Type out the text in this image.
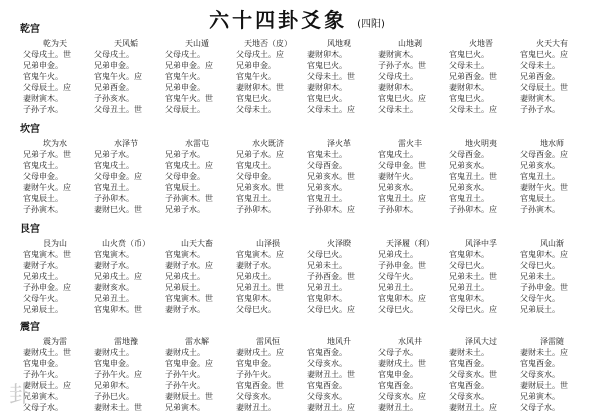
六十四卦爻象 (四阳)
乾宫
乾为天
父母戌土。世
兄弟申金。
官鬼午火。
父母辰土。应
妻财寅木。
子孙子水。
天风姤
父母戌土。
兄弟申金。
官鬼午火。应
兄弟酉金。
子孙亥水。
父母丑土。世
天山遁
父母戌土。
兄弟申金。应
官鬼午火。
兄弟申金。
官鬼午火。世
父母辰土。
天地否（皮）
父母戌土。应
兄弟申金。
官鬼午火。
妻财卯木。世
官鬼巳火。
父母未土。
风地观
妻财卯木。
官鬼巳火。
父母未土。世
妻财卯木。
官鬼巳火。
父母未土。应
山地剥
妻财寅木。
子孙子水。世
父母戌土。
妻财卯木。
官鬼巳火。应
父母未土。
火地晋
官鬼巳火。
父母未土。
兄弟酉金。世
妻财卯木。
官鬼巳火。
父母未土。应
火天大有
官鬼巳火。应
父母未土。
兄弟酉金。
父母辰土。世
妻财寅木。
子孙子水。
坎宫
坎为水
兄弟子水。世
官鬼戌土。
父母申金。
妻财午火。应
官鬼辰土。
子孙寅木。
水泽节
兄弟子水。
官鬼戌土。
父母申金。应
官鬼丑土。
子孙卯木。
妻财巳火。世
水雷屯
兄弟子水。
官鬼戌土。应
父母申金。
官鬼辰土。
子孙寅木。世
兄弟子水。
水火既济
兄弟子水。应
官鬼戌土。
父母申金。
兄弟亥水。世
官鬼丑土。
子孙卯木。
泽火革
官鬼未土。
父母酉金。
兄弟亥水。世
兄弟亥水。
官鬼丑土。
子孙卯木。应
雷火丰
官鬼戌土。
父母申金。世
妻财午火。
兄弟亥水。
官鬼丑土。应
子孙卯木。
地火明夷
父母酉金。
兄弟亥水。
官鬼丑土。世
兄弟亥水。
官鬼丑土。
子孙卯木。应
地水师
父母酉金。应
兄弟亥水。
官鬼丑土。
妻财午火。世
官鬼辰土。
子孙寅木。
艮宫
艮为山
官鬼寅木。世
妻财子水。
兄弟戌土。
子孙申金。应
父母午火。
兄弟辰土。
山火贲（币）
官鬼寅木。
妻财子水。
兄弟戌土。应
妻财亥水。
兄弟丑土。
官鬼卯木。世
山天大畜
官鬼寅木。
妻财子水。应
兄弟戌土。
兄弟辰土。
官鬼寅木。世
妻财子水。
山泽损
官鬼寅木。应
妻财子水。
兄弟戌土。
兄弟丑土。世
官鬼卯木。
父母巳火。
火泽睽
父母巳火。
兄弟未土。
子孙酉金。世
兄弟丑土。
官鬼卯木。
父母巳火。应
天泽履（利）
兄弟戌土。
子孙申金。世
父母午火。
兄弟丑土。
官鬼卯木。应
父母巳火。
风泽中孚
官鬼卯木。
父母巳火。
兄弟未土。世
兄弟丑土。
官鬼卯木。
父母巳火。应
风山渐
官鬼卯木。应
父母巳火。
兄弟未土。
子孙申金。世
父母午火。
兄弟辰土。
震宫
震为雷
妻财戌土。世
官鬼申金。
子孙午火。
妻财辰土。应
兄弟寅木。
父母子水。
雷地豫
妻财戌土。
官鬼申金。
子孙午火。应
兄弟卯木。
子孙巳火。
妻财未土。世
雷水解
妻财戌土。
官鬼申金。应
子孙午火。
子孙午火。
妻财辰土。世
兄弟寅木。
雷风恒
妻财戌土。应
官鬼申金。
子孙午火。
官鬼酉金。世
父母亥水。
妻财丑土。
地风升
官鬼酉金。
父母亥水。
妻财丑土。世
官鬼酉金。
父母亥水。
妻财丑土。应
水风井
父母子水。
妻财戌土。世
官鬼申金。
官鬼酉金。
父母亥水。应
妻财丑土。
泽风大过
妻财未土。
官鬼酉金。
父母亥水。世
官鬼酉金。
父母亥水。
妻财丑土。应
泽雷随
妻财未土。应
官鬼酉金。
父母亥水。
妻财辰土。世
兄弟寅木。
父母子水。
卦
